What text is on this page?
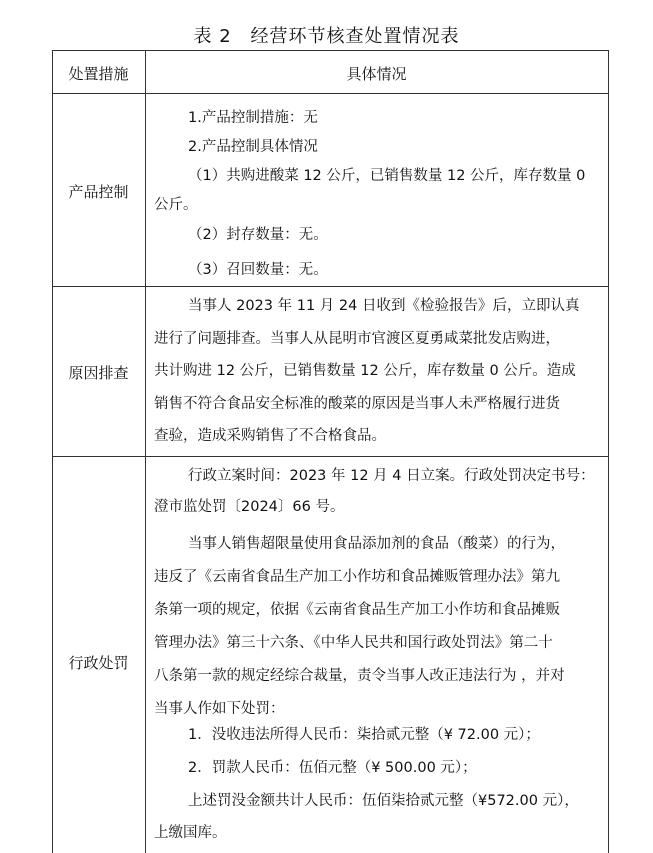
表 2 经营环节核查处置情况表
处置措施	具体情况
产品控制
1.产品控制措施：无
2.产品控制具体情况
（1）共购进酸菜 12 公斤，已销售数量 12 公斤，库存数量 0
公斤。
（2）封存数量：无。
（3）召回数量：无。
原因排查
当事人 2023 年 11 月 24 日收到《检验报告》后，立即认真
进行了问题排查。当事人从昆明市官渡区夏勇咸菜批发店购进，
共计购进 12 公斤，已销售数量 12 公斤，库存数量 0 公斤。造成
销售不符合食品安全标准的酸菜的原因是当事人未严格履行进货
查验，造成采购销售了不合格食品。
行政处罚
行政立案时间：2023 年 12 月 4 日立案。行政处罚决定书号：
澄市监处罚〔2024〕66 号。
当事人销售超限量使用食品添加剂的食品（酸菜）的行为，
违反了《云南省食品生产加工小作坊和食品摊贩管理办法》第九
条第一项的规定，依据《云南省食品生产加工小作坊和食品摊贩
管理办法》第三十六条、《中华人民共和国行政处罚法》第二十
八条第一款的规定经综合裁量，责令当事人改正违法行为 ，并对
当事人作如下处罚：
1．没收违法所得人民币：柒拾贰元整（¥ 72.00 元）；
2．罚款人民币：伍佰元整（¥ 500.00 元）；
上述罚没金额共计人民币：伍佰柒拾贰元整（¥572.00 元），
上缴国库。
